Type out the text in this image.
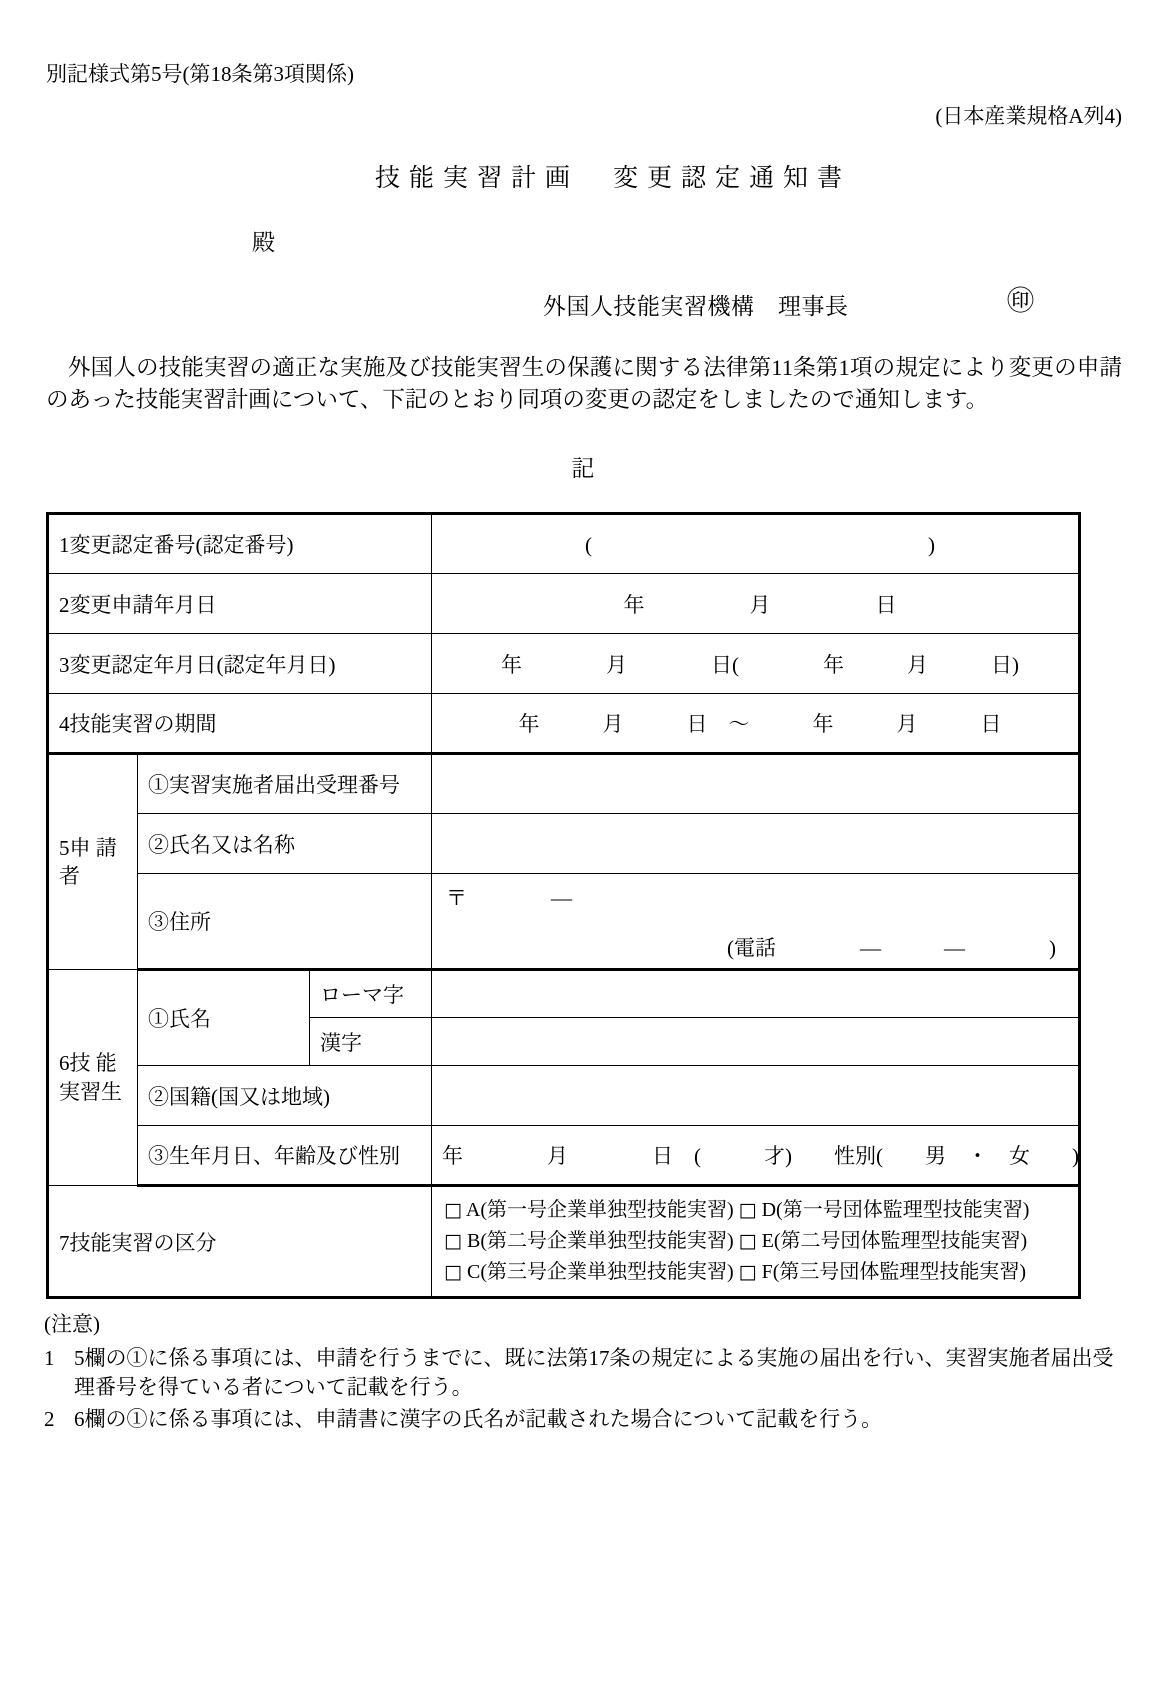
別記様式第5号(第18条第3項関係)
(日本産業規格A列4)
技能実習計画　変更認定通知書
殿
外国人技能実習機構　理事長	㊞
外国人の技能実習の適正な実施及び技能実習生の保護に関する法律第11条第1項の規定により変更の申請のあった技能実習計画について、下記のとおり同項の変更の認定をしましたので通知します。
記
1変更認定番号(認定番号)			(　　　　　　　　　　　　　　　　)
2変更申請年月日			年　　　　　月　　　　　日
3変更認定年月日(認定年月日)			年　　　　月　　　　日(　　　　年　　　月　　　日)
4技能実習の期間			年　　　月　　　日　～　　　年　　　月　　　日

5申 請
者	①実習実施者届出受理番号		
	②氏名又は名称		
	③住所		〒　　　　―
(電話　　　　―　　　―　　　　)

6技 能
実習生	①氏名	ローマ字	
		漢字	
	②国籍(国又は地域)		
	③生年月日、年齢及び性別		年　　　　月　　　　日　(　　　才)　　性別(　　男　・　女　　)
7技能実習の区分			□ A(第一号企業単独型技能実習) □ D(第一号団体監理型技能実習)
□ B(第二号企業単独型技能実習) □ E(第二号団体監理型技能実習)
□ C(第三号企業単独型技能実習) □ F(第三号団体監理型技能実習)
(注意)
1 5欄の①に係る事項には、申請を行うまでに、既に法第17条の規定による実施の届出を行い、実習実施者届出受理番号を得ている者について記載を行う。
2 6欄の①に係る事項には、申請書に漢字の氏名が記載された場合について記載を行う。
